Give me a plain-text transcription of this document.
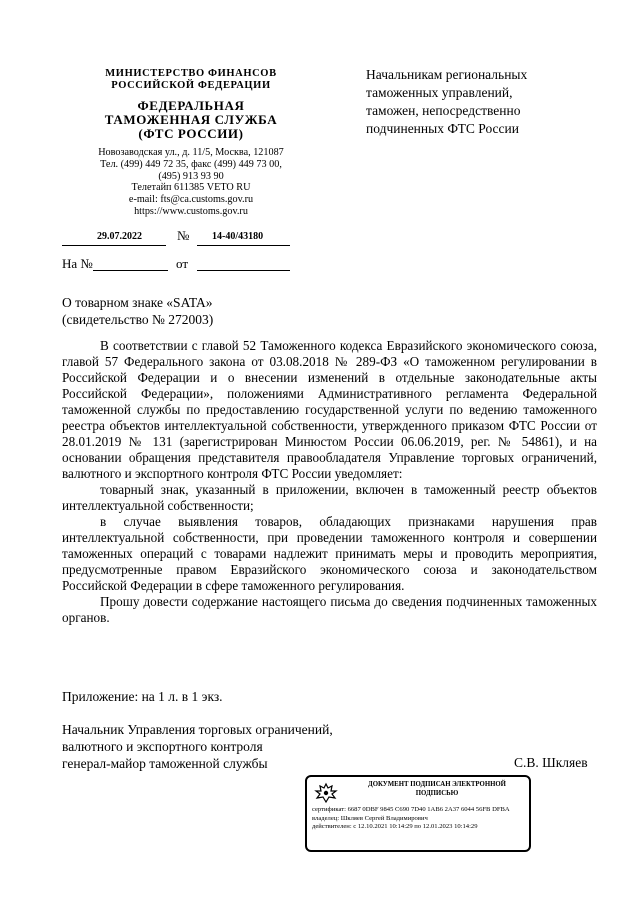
МИНИСТЕРСТВО ФИНАНСОВ
РОССИЙСКОЙ ФЕДЕРАЦИИ
ФЕДЕРАЛЬНАЯ
ТАМОЖЕННАЯ СЛУЖБА
(ФТС РОССИИ)
Новозаводская ул., д. 11/5, Москва, 121087
Тел. (499) 449 72 35, факс (499) 449 73 00,
(495) 913 93 90
Телетайп 611385 VETO RU
e-mail: fts@ca.customs.gov.ru
https://www.customs.gov.ru
29.07.2022	№ 14-40/43180
На №	от
Начальникам региональных
таможенных управлений,
таможен, непосредственно
подчиненных ФТС России
О товарном знаке «SATA»
(свидетельство № 272003)

В соответствии с главой 52 Таможенного кодекса Евразийского экономического союза, главой 57 Федерального закона от 03.08.2018 № 289-ФЗ «О таможенном регулировании в Российской Федерации и о внесении изменений в отдельные законодательные акты Российской Федерации», положениями Административного регламента Федеральной таможенной службы по предоставлению государственной услуги по ведению таможенного реестра объектов интеллектуальной собственности, утвержденного приказом ФТС России от 28.01.2019 № 131 (зарегистрирован Минюстом России 06.06.2019, рег. № 54861), и на основании обращения представителя правообладателя Управление торговых ограничений, валютного и экспортного контроля ФТС России уведомляет:

товарный знак, указанный в приложении, включен в таможенный реестр объектов интеллектуальной собственности;

в случае выявления товаров, обладающих признаками нарушения прав интеллектуальной собственности, при проведении таможенного контроля и совершении таможенных операций с товарами надлежит принимать меры и проводить мероприятия, предусмотренные правом Евразийского экономического союза и законодательством Российской Федерации в сфере таможенного регулирования.

Прошу довести содержание настоящего письма до сведения подчиненных таможенных органов.

Приложение: на 1 л. в 1 экз.
Начальник Управления торговых ограничений,
валютного и экспортного контроля
генерал-майор таможенной службы	С.В. Шкляев
ДОКУМЕНТ ПОДПИСАН ЭЛЕКТРОННОЙ
ПОДПИСЬЮ
сертификат: 6687 0DBF 9845 C690 7D40 1AB6 2A37 6044 56FB DFBA
владелец: Шкляев Сергей Владимирович
действителен: с 12.10.2021 10:14:29 по 12.01.2023 10:14:29
